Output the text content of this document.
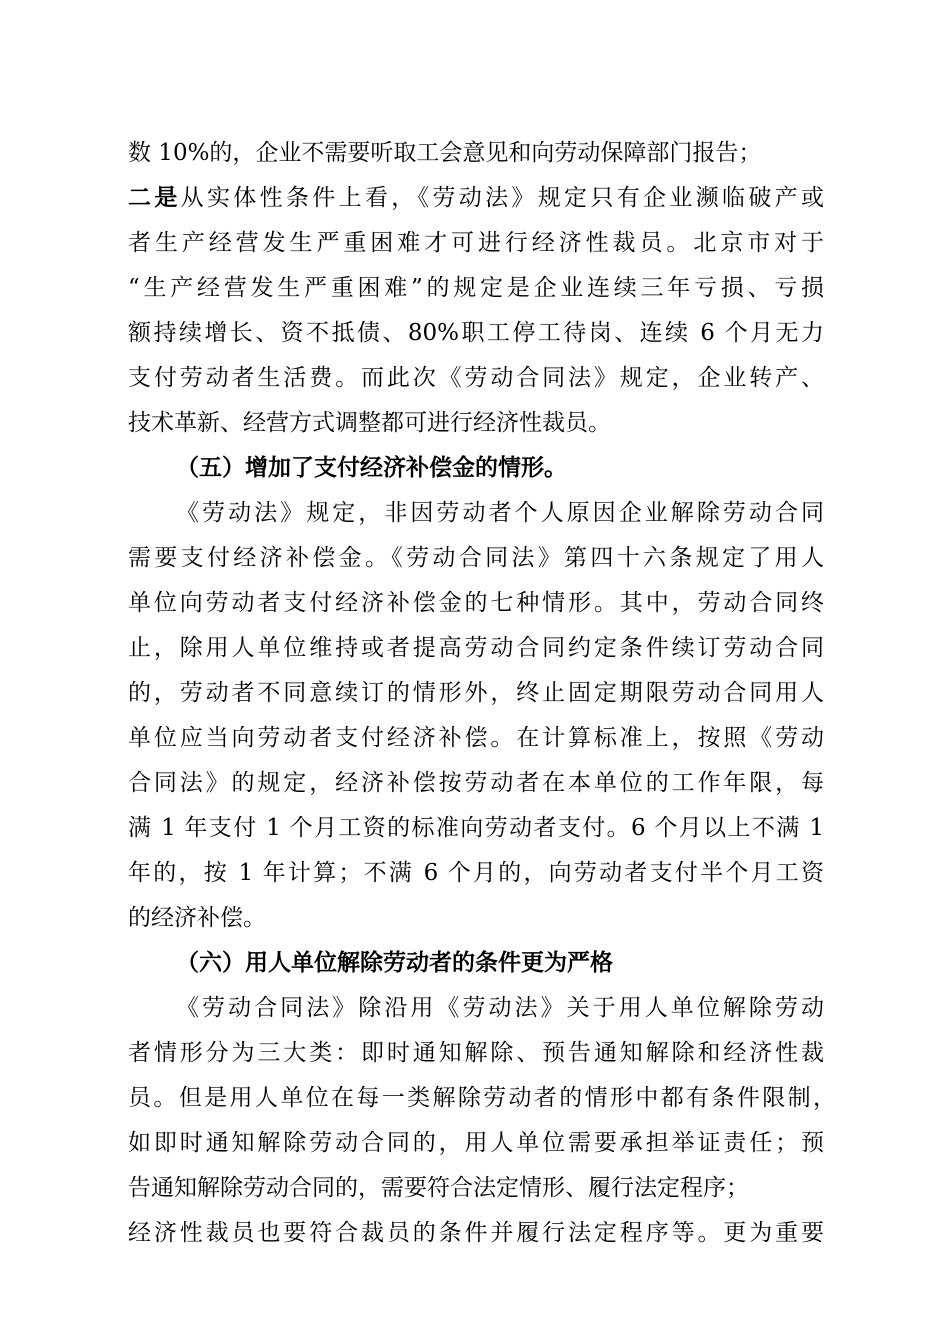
数 10%的，企业不需要听取工会意见和向劳动保障部门报告；
二是从实体性条件上看，《劳动法》规定只有企业濒临破产或
者生产经营发生严重困难才可进行经济性裁员。北京市对于
“生产经营发生严重困难”的规定是企业连续三年亏损、亏损
额持续增长、资不抵债、80%职工停工待岗、连续 6 个月无力
支付劳动者生活费。而此次《劳动合同法》规定，企业转产、
技术革新、经营方式调整都可进行经济性裁员。
（五）增加了支付经济补偿金的情形。
《劳动法》规定，非因劳动者个人原因企业解除劳动合同
需要支付经济补偿金。《劳动合同法》第四十六条规定了用人
单位向劳动者支付经济补偿金的七种情形。其中，劳动合同终
止，除用人单位维持或者提高劳动合同约定条件续订劳动合同
的，劳动者不同意续订的情形外，终止固定期限劳动合同用人
单位应当向劳动者支付经济补偿。在计算标准上，按照《劳动
合同法》的规定，经济补偿按劳动者在本单位的工作年限，每
满 1 年支付 1 个月工资的标准向劳动者支付。6 个月以上不满 1
年的，按 1 年计算；不满 6 个月的，向劳动者支付半个月工资
的经济补偿。
（六）用人单位解除劳动者的条件更为严格
《劳动合同法》除沿用《劳动法》关于用人单位解除劳动
者情形分为三大类：即时通知解除、预告通知解除和经济性裁
员。但是用人单位在每一类解除劳动者的情形中都有条件限制，
如即时通知解除劳动合同的，用人单位需要承担举证责任；预
告通知解除劳动合同的，需要符合法定情形、履行法定程序；
经济性裁员也要符合裁员的条件并履行法定程序等。更为重要
